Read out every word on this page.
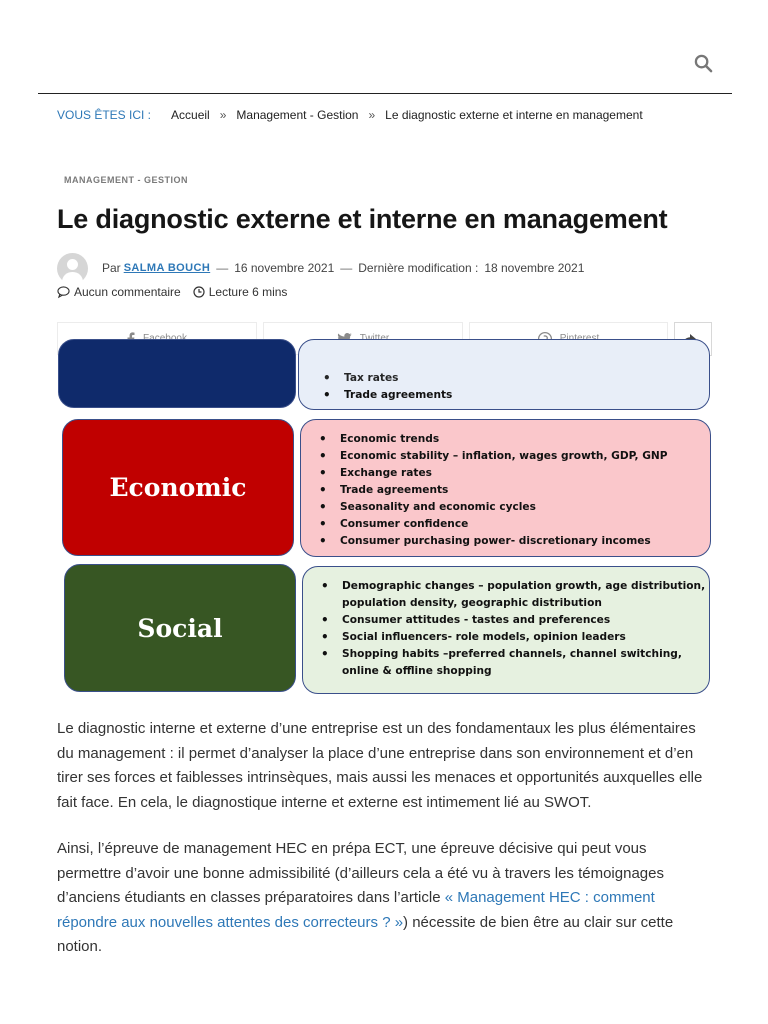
VOUS ÊTES ICI : Accueil » Management - Gestion » Le diagnostic externe et interne en management
MANAGEMENT - GESTION
Le diagnostic externe et interne en management
Par SALMA BOUCH — 16 novembre 2021 — Dernière modification : 18 novembre 2021
Aucun commentaire Lecture 6 mins
• Tax rates
• Trade agreements
Economic
• Economic trends
• Economic stability – inflation, wages growth, GDP, GNP
• Exchange rates
• Trade agreements
• Seasonality and economic cycles
• Consumer confidence
• Consumer purchasing power- discretionary incomes
Social
• Demographic changes – population growth, age distribution, population density, geographic distribution
• Consumer attitudes - tastes and preferences
• Social influencers- role models, opinion leaders
• Shopping habits –preferred channels, channel switching, online & offline shopping

Le diagnostic interne et externe d’une entreprise est un des fondamentaux les plus élémentaires du management : il permet d’analyser la place d’une entreprise dans son environnement et d’en tirer ses forces et faiblesses intrinsèques, mais aussi les menaces et opportunités auxquelles elle fait face. En cela, le diagnostique interne et externe est intimement lié au SWOT.

Ainsi, l’épreuve de management HEC en prépa ECT, une épreuve décisive qui peut vous permettre d’avoir une bonne admissibilité (d’ailleurs cela a été vu à travers les témoignages d’anciens étudiants en classes préparatoires dans l’article « Management HEC : comment répondre aux nouvelles attentes des correcteurs ? ») nécessite de bien être au clair sur cette notion.
